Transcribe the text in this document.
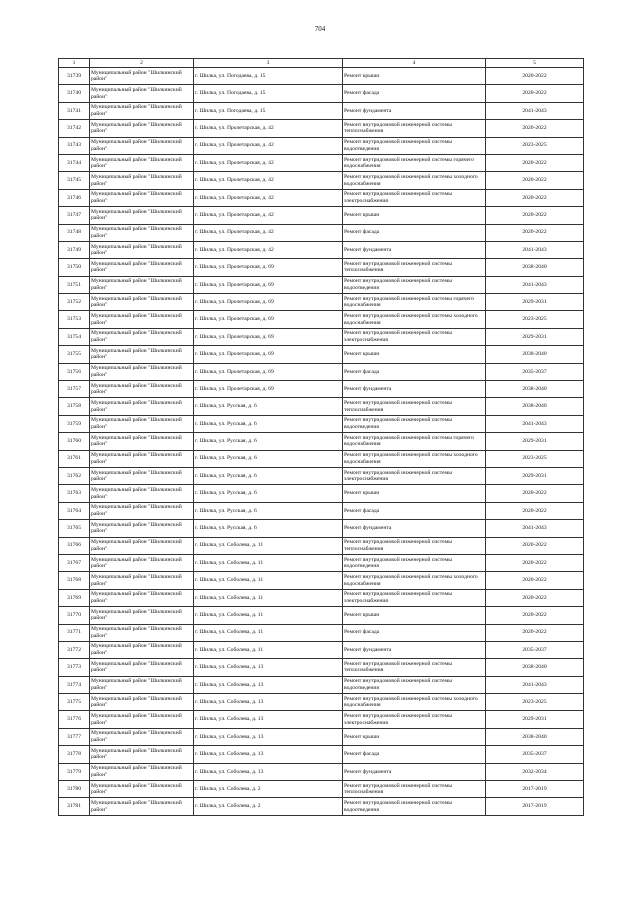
704
1	2	3	4	5
31739	Муниципальный район "Шилкинский район"	г. Шилка, ул. Погодаева, д. 15	Ремонт крыши	2020-2022
31740	Муниципальный район "Шилкинский район"	г. Шилка, ул. Погодаева, д. 15	Ремонт фасада	2020-2022
31741	Муниципальный район "Шилкинский район"	г. Шилка, ул. Погодаева, д. 15	Ремонт фундамента	2041-2043
31742	Муниципальный район "Шилкинский район"	г. Шилка, ул. Пролетарская, д. 42	Ремонт внутридомовой инженерной системы теплоснабжения	2020-2022
31743	Муниципальный район "Шилкинский район"	г. Шилка, ул. Пролетарская, д. 42	Ремонт внутридомовой инженерной системы водоотведения	2023-2025
31744	Муниципальный район "Шилкинский район"	г. Шилка, ул. Пролетарская, д. 42	Ремонт внутридомовой инженерной системы горячего водоснабжения	2020-2022
31745	Муниципальный район "Шилкинский район"	г. Шилка, ул. Пролетарская, д. 42	Ремонт внутридомовой инженерной системы холодного водоснабжения	2020-2022
31746	Муниципальный район "Шилкинский район"	г. Шилка, ул. Пролетарская, д. 42	Ремонт внутридомовой инженерной системы электроснабжения	2020-2022
31747	Муниципальный район "Шилкинский район"	г. Шилка, ул. Пролетарская, д. 42	Ремонт крыши	2020-2022
31748	Муниципальный район "Шилкинский район"	г. Шилка, ул. Пролетарская, д. 42	Ремонт фасада	2020-2022
31749	Муниципальный район "Шилкинский район"	г. Шилка, ул. Пролетарская, д. 42	Ремонт фундамента	2041-2043
31750	Муниципальный район "Шилкинский район"	г. Шилка, ул. Пролетарская, д. 69	Ремонт внутридомовой инженерной системы теплоснабжения	2038-2040
31751	Муниципальный район "Шилкинский район"	г. Шилка, ул. Пролетарская, д. 69	Ремонт внутридомовой инженерной системы водоотведения	2041-2043
31752	Муниципальный район "Шилкинский район"	г. Шилка, ул. Пролетарская, д. 69	Ремонт внутридомовой инженерной системы горячего водоснабжения	2029-2031
31753	Муниципальный район "Шилкинский район"	г. Шилка, ул. Пролетарская, д. 69	Ремонт внутридомовой инженерной системы холодного водоснабжения	2023-2025
31754	Муниципальный район "Шилкинский район"	г. Шилка, ул. Пролетарская, д. 69	Ремонт внутридомовой инженерной системы электроснабжения	2029-2031
31755	Муниципальный район "Шилкинский район"	г. Шилка, ул. Пролетарская, д. 69	Ремонт крыши	2038-2040
31756	Муниципальный район "Шилкинский район"	г. Шилка, ул. Пролетарская, д. 69	Ремонт фасада	2035-2037
31757	Муниципальный район "Шилкинский район"	г. Шилка, ул. Пролетарская, д. 69	Ремонт фундамента	2038-2040
31758	Муниципальный район "Шилкинский район"	г. Шилка, ул. Русская, д. 6	Ремонт внутридомовой инженерной системы теплоснабжения	2038-2040
31759	Муниципальный район "Шилкинский район"	г. Шилка, ул. Русская, д. 6	Ремонт внутридомовой инженерной системы водоотведения	2041-2043
31760	Муниципальный район "Шилкинский район"	г. Шилка, ул. Русская, д. 6	Ремонт внутридомовой инженерной системы горячего водоснабжения	2029-2031
31761	Муниципальный район "Шилкинский район"	г. Шилка, ул. Русская, д. 6	Ремонт внутридомовой инженерной системы холодного водоснабжения	2023-2025
31762	Муниципальный район "Шилкинский район"	г. Шилка, ул. Русская, д. 6	Ремонт внутридомовой инженерной системы электроснабжения	2029-2031
31763	Муниципальный район "Шилкинский район"	г. Шилка, ул. Русская, д. 6	Ремонт крыши	2020-2022
31764	Муниципальный район "Шилкинский район"	г. Шилка, ул. Русская, д. 6	Ремонт фасада	2020-2022
31765	Муниципальный район "Шилкинский район"	г. Шилка, ул. Русская, д. 6	Ремонт фундамента	2041-2043
31766	Муниципальный район "Шилкинский район"	г. Шилка, ул. Соболева, д. 11	Ремонт внутридомовой инженерной системы теплоснабжения	2020-2022
31767	Муниципальный район "Шилкинский район"	г. Шилка, ул. Соболева, д. 11	Ремонт внутридомовой инженерной системы водоотведения	2020-2022
31768	Муниципальный район "Шилкинский район"	г. Шилка, ул. Соболева, д. 11	Ремонт внутридомовой инженерной системы холодного водоснабжения	2020-2022
31769	Муниципальный район "Шилкинский район"	г. Шилка, ул. Соболева, д. 11	Ремонт внутридомовой инженерной системы электроснабжения	2020-2022
31770	Муниципальный район "Шилкинский район"	г. Шилка, ул. Соболева, д. 11	Ремонт крыши	2020-2022
31771	Муниципальный район "Шилкинский район"	г. Шилка, ул. Соболева, д. 11	Ремонт фасада	2020-2022
31772	Муниципальный район "Шилкинский район"	г. Шилка, ул. Соболева, д. 11	Ремонт фундамента	2035-2037
31773	Муниципальный район "Шилкинский район"	г. Шилка, ул. Соболева, д. 13	Ремонт внутридомовой инженерной системы теплоснабжения	2038-2040
31774	Муниципальный район "Шилкинский район"	г. Шилка, ул. Соболева, д. 13	Ремонт внутридомовой инженерной системы водоотведения	2041-2043
31775	Муниципальный район "Шилкинский район"	г. Шилка, ул. Соболева, д. 13	Ремонт внутридомовой инженерной системы холодного водоснабжения	2023-2025
31776	Муниципальный район "Шилкинский район"	г. Шилка, ул. Соболева, д. 13	Ремонт внутридомовой инженерной системы электроснабжения	2029-2031
31777	Муниципальный район "Шилкинский район"	г. Шилка, ул. Соболева, д. 13	Ремонт крыши	2038-2040
31778	Муниципальный район "Шилкинский район"	г. Шилка, ул. Соболева, д. 13	Ремонт фасада	2035-2037
31779	Муниципальный район "Шилкинский район"	г. Шилка, ул. Соболева, д. 13	Ремонт фундамента	2032-2034
31780	Муниципальный район "Шилкинский район"	г. Шилка, ул. Соболева, д. 2	Ремонт внутридомовой инженерной системы теплоснабжения	2017-2019
31781	Муниципальный район "Шилкинский район"	г. Шилка, ул. Соболева, д. 2	Ремонт внутридомовой инженерной системы водоотведения	2017-2019
